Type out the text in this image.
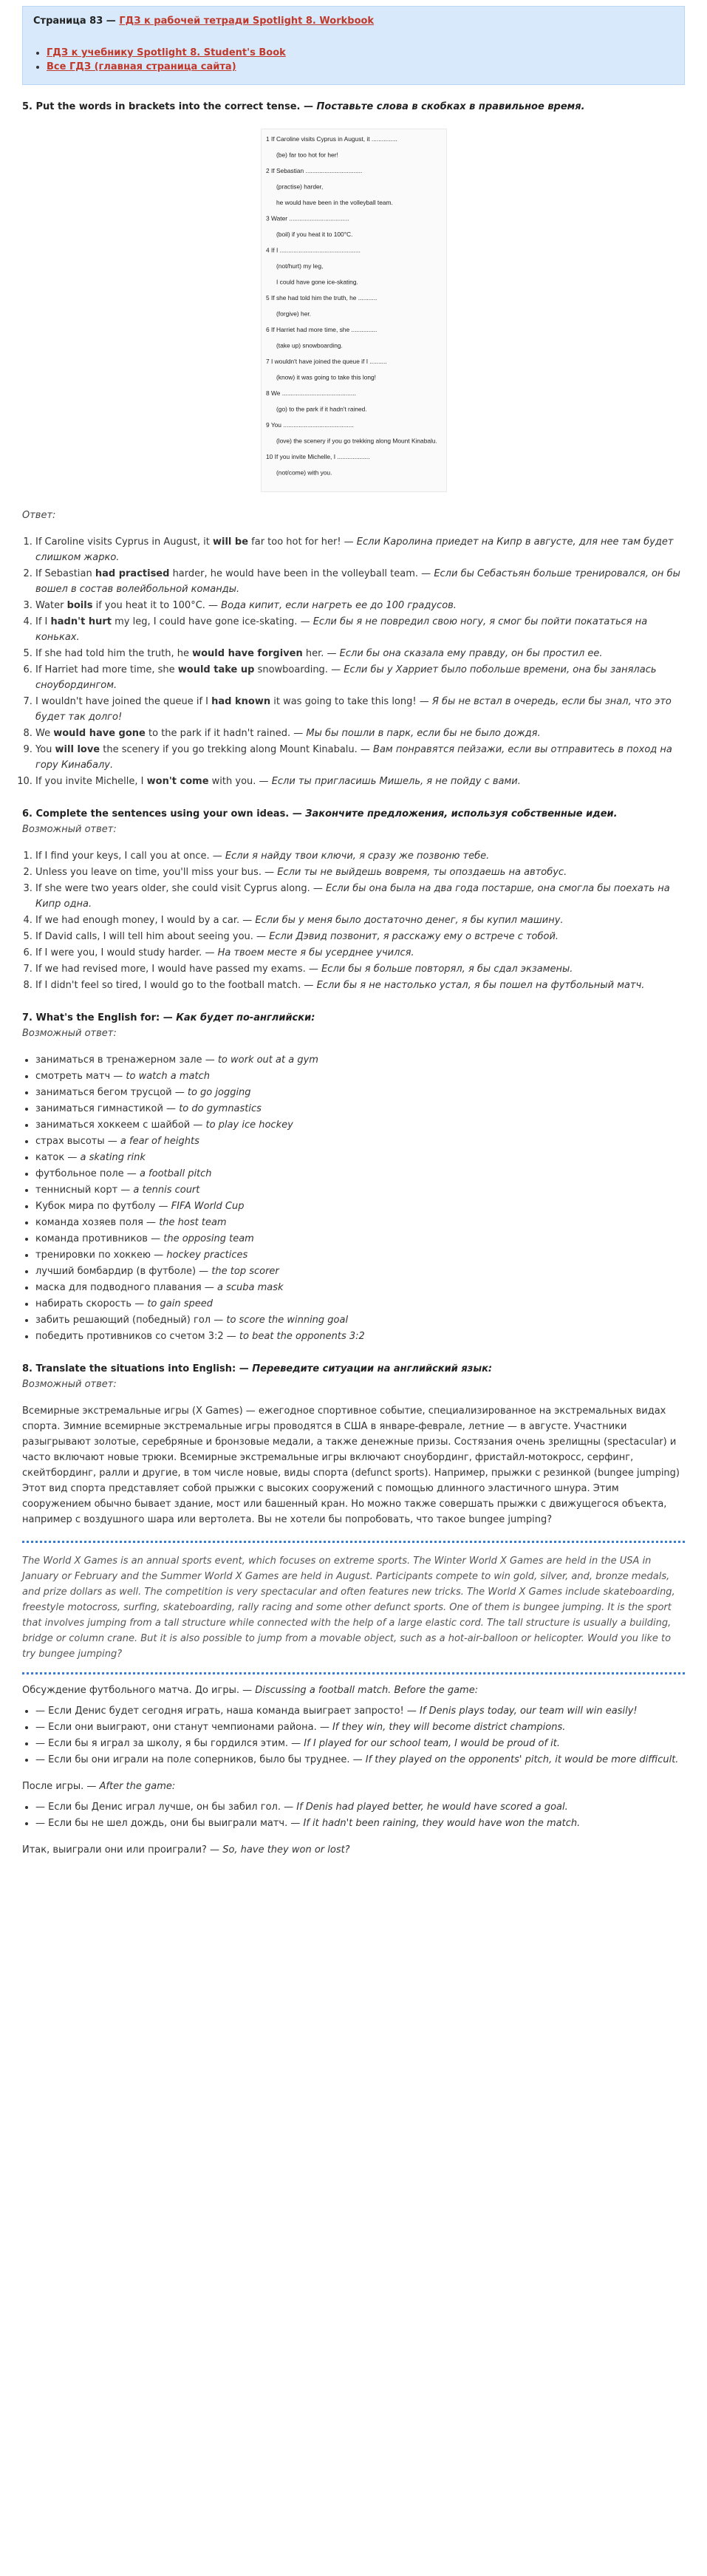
Страница 83 — ГДЗ к рабочей тетради Spotlight 8. Workbook
• ГДЗ к учебнику Spotlight 8. Student's Book
• Все ГДЗ (главная страница сайта)
5. Put the words in brackets into the correct tense. — Поставьте слова в скобках в правильное время.
1 If Caroline visits Cyprus in August, it ...............
(be) far too hot for her!
2 If Sebastian .................................
(practise) harder,
he would have been in the volleyball team.
3 Water ...................................
(boil) if you heat it to 100°C.
4 If I ...............................................
(not/hurt) my leg,
I could have gone ice-skating.
5 If she had told him the truth, he ...........
(forgive) her.
6 If Harriet had more time, she ...............
(take up) snowboarding.
7 I wouldn't have joined the queue if I ..........
(know) it was going to take this long!
8 We ...........................................
(go) to the park if it hadn't rained.
9 You .........................................
(love) the scenery if you go trekking along Mount Kinabalu.
10 If you invite Michelle, I ...................
(not/come) with you.
Ответ:
1. If Caroline visits Cyprus in August, it will be far too hot for her! — Если Каролина приедет на Кипр в августе, для нее там будет слишком жарко.
2. If Sebastian had practised harder, he would have been in the volleyball team. — Если бы Себастьян больше тренировался, он бы вошел в состав волейбольной команды.
3. Water boils if you heat it to 100°C. — Вода кипит, если нагреть ее до 100 градусов.
4. If I hadn't hurt my leg, I could have gone ice-skating. — Если бы я не повредил свою ногу, я смог бы пойти покататься на коньках.
5. If she had told him the truth, he would have forgiven her. — Если бы она сказала ему правду, он бы простил ее.
6. If Harriet had more time, she would take up snowboarding. — Если бы у Харриет было побольше времени, она бы занялась сноубордингом.
7. I wouldn't have joined the queue if I had known it was going to take this long! — Я бы не встал в очередь, если бы знал, что это будет так долго!
8. We would have gone to the park if it hadn't rained. — Мы бы пошли в парк, если бы не было дождя.
9. You will love the scenery if you go trekking along Mount Kinabalu. — Вам понравятся пейзажи, если вы отправитесь в поход на гору Кинабалу.
10. If you invite Michelle, I won't come with you. — Если ты пригласишь Мишель, я не пойду с вами.
6. Complete the sentences using your own ideas. — Закончите предложения, используя собственные идеи.
Возможный ответ:
1. If I find your keys, I call you at once. — Если я найду твои ключи, я сразу же позвоню тебе.
2. Unless you leave on time, you'll miss your bus. — Если ты не выйдешь вовремя, ты опоздаешь на автобус.
3. If she were two years older, she could visit Cyprus along. — Если бы она была на два года постарше, она смогла бы поехать на Кипр одна.
4. If we had enough money, I would by a car. — Если бы у меня было достаточно денег, я бы купил машину.
5. If David calls, I will tell him about seeing you. — Если Дэвид позвонит, я расскажу ему о встрече с тобой.
6. If I were you, I would study harder. — На твоем месте я бы усерднее учился.
7. If we had revised more, I would have passed my exams. — Если бы я больше повторял, я бы сдал экзамены.
8. If I didn't feel so tired, I would go to the football match. — Если бы я не настолько устал, я бы пошел на футбольный матч.
7. What's the English for: — Как будет по-английски:
Возможный ответ:
• заниматься в тренажерном зале — to work out at a gym
• смотреть матч — to watch a match
• заниматься бегом трусцой — to go jogging
• заниматься гимнастикой — to do gymnastics
• заниматься хоккеем с шайбой — to play ice hockey
• страх высоты — a fear of heights
• каток — a skating rink
• футбольное поле — a football pitch
• теннисный корт — a tennis court
• Кубок мира по футболу — FIFA World Cup
• команда хозяев поля — the host team
• команда противников — the opposing team
• тренировки по хоккею — hockey practices
• лучший бомбардир (в футболе) — the top scorer
• маска для подводного плавания — a scuba mask
• набирать скорость — to gain speed
• забить решающий (победный) гол — to score the winning goal
• победить противников со счетом 3:2 — to beat the opponents 3:2
8. Translate the situations into English: — Переведите ситуации на английский язык:
Возможный ответ:

Всемирные экстремальные игры (X Games) — ежегодное спортивное событие, специализированное на экстремальных видах спорта. Зимние всемирные экстремальные игры проводятся в США в январе-феврале, летние — в августе. Участники разыгрывают золотые, серебряные и бронзовые медали, а также денежные призы. Состязания очень зрелищны (spectacular) и часто включают новые трюки. Всемирные экстремальные игры включают сноубординг, фристайл-мотокросс, серфинг, скейтбординг, ралли и другие, в том числе новые, виды спорта (defunct sports). Например, прыжки с резинкой (bungee jumping) Этот вид спорта представляет собой прыжки с высоких сооружений с помощью длинного эластичного шнура. Этим сооружением обычно бывает здание, мост или башенный кран. Но можно также совершать прыжки с движущегося объекта, например с воздушного шара или вертолета. Вы не хотели бы попробовать, что такое bungee jumping?

The World X Games is an annual sports event, which focuses on extreme sports. The Winter World X Games are held in the USA in January or February and the Summer World X Games are held in August. Participants compete to win gold, silver, and, bronze medals, and prize dollars as well. The competition is very spectacular and often features new tricks. The World X Games include skateboarding, freestyle motocross, surfing, skateboarding, rally racing and some other defunct sports. One of them is bungee jumping. It is the sport that involves jumping from a tall structure while connected with the help of a large elastic cord. The tall structure is usually a building, bridge or column crane. But it is also possible to jump from a movable object, such as a hot-air-balloon or helicopter. Would you like to try bungee jumping?

Обсуждение футбольного матча. До игры. — Discussing a football match. Before the game:
• — Если Денис будет сегодня играть, наша команда выиграет запросто! — If Denis plays today, our team will win easily!
• — Если они выиграют, они станут чемпионами района. — If they win, they will become district champions.
• — Если бы я играл за школу, я бы гордился этим. — If I played for our school team, I would be proud of it.
• — Если бы они играли на поле соперников, было бы труднее. — If they played on the opponents' pitch, it would be more difficult.
После игры. — After the game:
• — Если бы Денис играл лучше, он бы забил гол. — If Denis had played better, he would have scored a goal.
• — Если бы не шел дождь, они бы выиграли матч. — If it hadn't been raining, they would have won the match.
Итак, выиграли они или проиграли? — So, have they won or lost?
